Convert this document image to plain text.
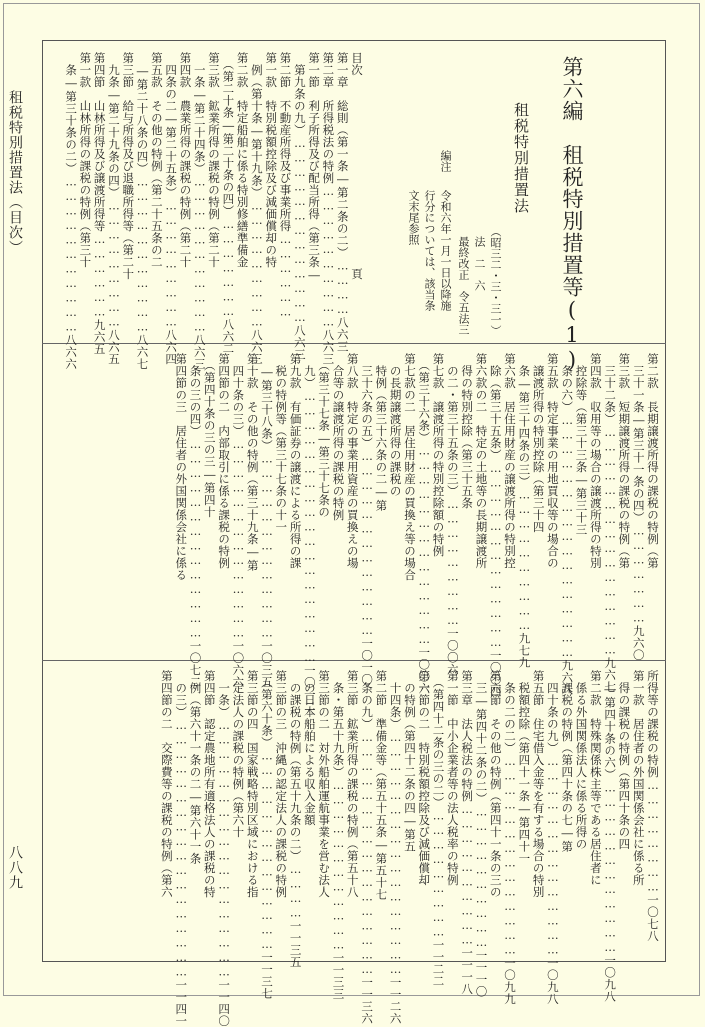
租税特別措置法（目次）
八八九
第六編　租税特別措置等(1)
租税特別措置法
（昭三二・三・三一）
法　二　六
最終改正　令五法三
編注
令和六年一月一日以降施
行分については、該当条
文末尾参照
目次　　　　　　　　　　　　　　　　頁
第一章　総則（第一条―第二条の二）…………八六三
第二章　所得税法の特例…………………………八六三
第一節　利子所得及び配当所得（第三条―
　第九条の九）…………………………………八六三
第二節　不動産所得及び事業所得………………
第一款　特別税額控除及び減価償却の特
　例（第十条―第十九条）………………………八六三
第二款　特定船舶に係る特別修繕準備金
　（第二十条―第二十条の四）…………………八六二
第三款　鉱業所得の課税の特例（第二十
　一条―第二十四条）……………………………八六三
第四款　農業所得の課税の特例（第二十
　四条の二―第二十五条）………………………八六四
第五款　その他の特例（第二十五条の二
　―第二十八条の四）……………………………八六七
第三節　給与所得及び退職所得等（第二十
　九条―第二十九条の四）………………………八六五
第四節　山林所得及び譲渡所得等………………九六五
第一款　山林所得の課税の特例（第三十
　条―第三十条の二）……………………………八六六
第二款　長期譲渡所得の課税の特例（第
　三十一条―第三十一条の四）…………………九六〇
第三款　短期譲渡所得の課税の特例（第
　三十二条）…………………………………………九六七
第四款　収用等の場合の譲渡所得の特別
　控除等（第三十三条―第三十三
　条の六）……………………………………………九六八
第五款　特定事業の用地買収等の場合の
　譲渡所得の特別控除（第三十四
　条―第三十四条の三）…………………………九七九
第六款　居住用財産の譲渡所得の特別控
　除（第三十五条）…………………………………一〇〇四
第六款の二　特定の土地等の長期譲渡所
　得の特別控除（第三十五条
　の二・第三十五条の三）………………………一〇〇六
第七款　譲渡所得の特別控除額の特例
　（第三十六条）……………………………………一〇〇六
第七款の二　居住用財産の買換え等の場合
　の長期譲渡所得の課税の
　特例（第三十六条の二―第
　三十六条の五）…………………………………一〇一〇
第八款　特定の事業用資産の買換えの場
　合等の譲渡所得の課税の特例
　（第三十七条―第三十七条の
　九）…………………………………………………一〇一二
第九款　有価証券の譲渡による所得の課
　税の特例等（第三十七条の十一
　―第三十八条）…………………………………一〇三五
第十款　その他の特例（第三十九条―第
　四十条の三）……………………………………一〇六六
第四節の二　内部取引に係る課税の特例
　（第四十条の三の三―第四十
　条の三の四）……………………………………一〇七二
第四節の三　居住者の外国関係会社に係る
所得等の課税の特例……………………一〇七八
第一款　居住者の外国関係会社に係る所
　得の課税の特例（第四十条の四
　―第四十条の六）………………………………一〇九八
第二款　特殊関係株主等である居住者に
　係る外国関係法人に係る所得の
　課税の特例（第四十条の七―第
　四十条の九）……………………………………一〇九八
第五節　住宅借入金等を有する場合の特別
　税額控除（第四十一条―第四十一
　条の二の二）……………………………………一〇九九
第六節　その他の特例（第四十一条の三の
　三―第四十二条の二）…………………………一一一〇
第三章　法人税法の特例…………………………一一一八
第一節　中小企業者等の法人税率の特例
　（第四十二条の三の二）………………………一一二二
第一節の二　特別税額控除及び減価償却
　の特例（第四十二条の四―第五
　十四条）……………………………………………一一二六
第二節　準備金等（第五十五条―第五十七
　条の九）……………………………………………一一三六
第三節　鉱業所得の課税の特例（第五十八
　条・第五十九条）………………………………一一三三
第三節の二　対外船舶運航事業を営む法人
　の日本船舶による収入金額
　の課税の特例（第五十九条の二）…………一一三五
第三節の三　沖縄の認定法人の課税の特例
　（第六十条）……………………………………一一三七
第三節の四　国家戦略特別区域における指
　定法人の課税の特例（第六十
　一条）………………………………………………一一四〇
第四節　認定農地所有適格法人の課税の特
　例（第六十一条の二―第六十一条
　の三）………………………………………………一一四一
第四節の二　交際費等の課税の特例（第六
